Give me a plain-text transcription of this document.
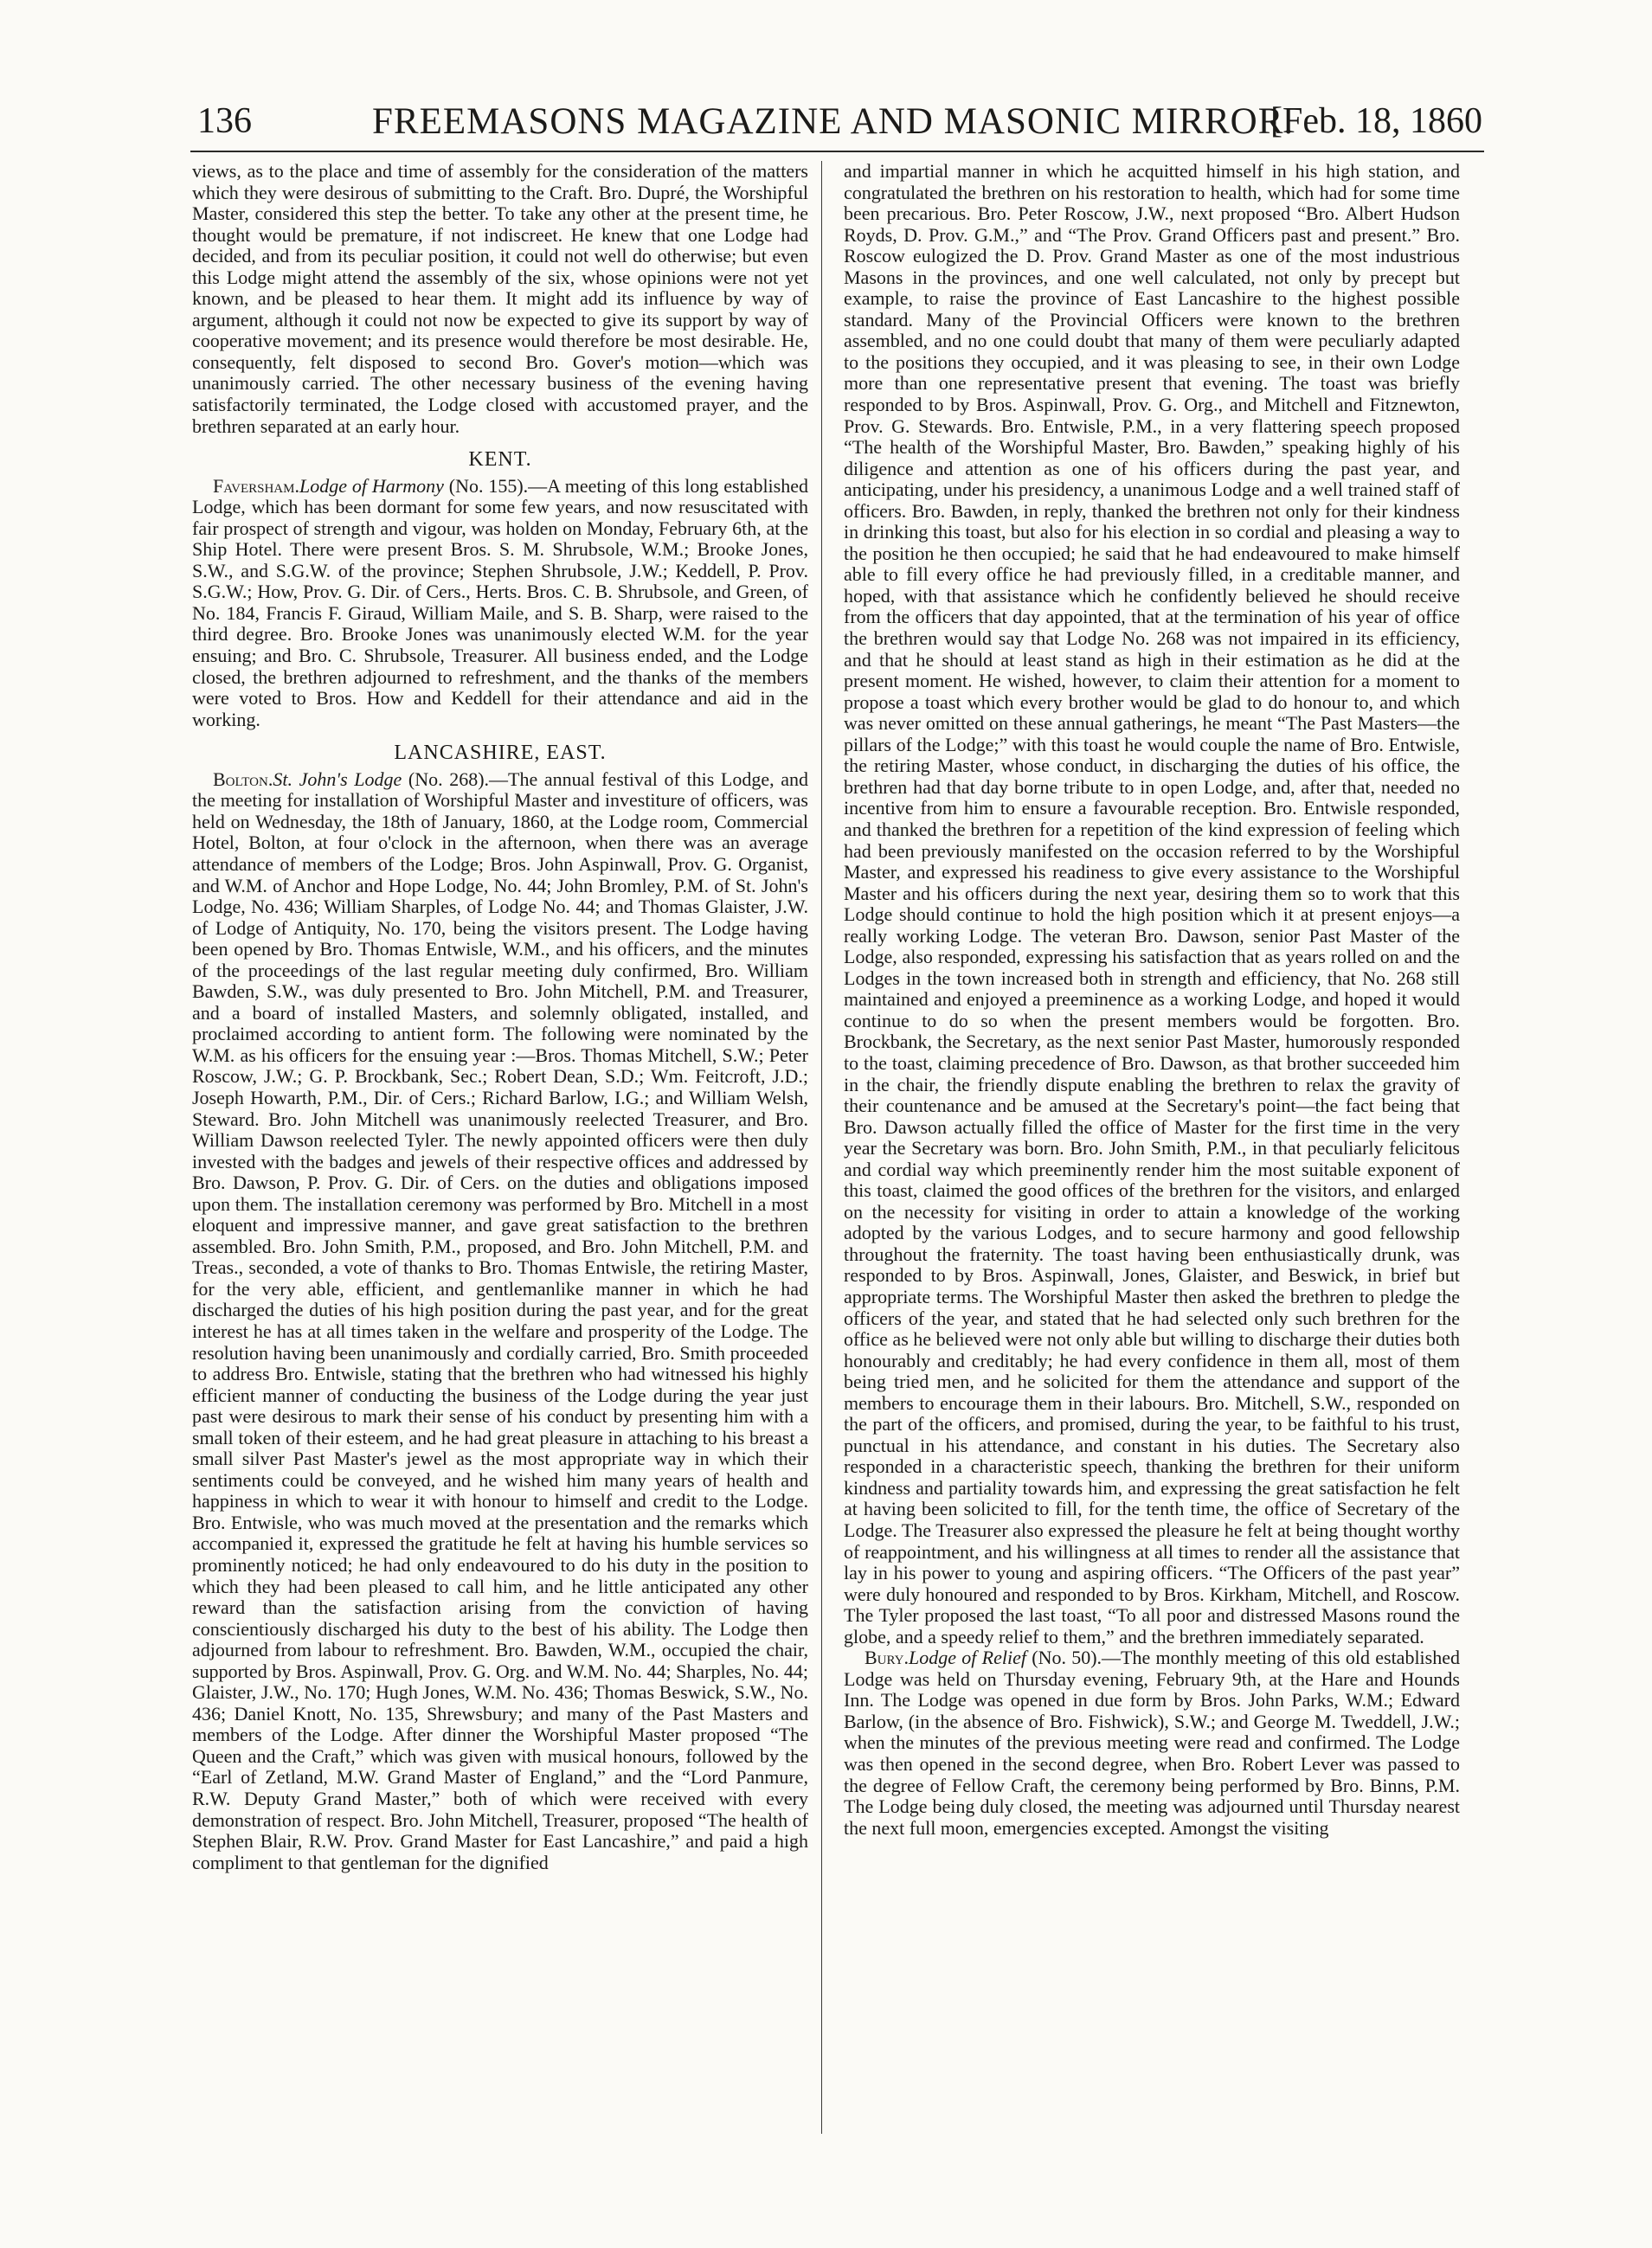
136	FREEMASONS MAGAZINE AND MASONIC MIRROR.
[Feb. 18, 1860

views, as to the place and time of assembly for the consideration of the matters which they were desirous of submitting to the Craft. Bro. Dupré, the Worshipful Master, considered this step the better. To take any other at the present time, he thought would be premature, if not indiscreet. He knew that one Lodge had decided, and from its peculiar position, it could not well do otherwise; but even this Lodge might attend the assembly of the six, whose opinions were not yet known, and be pleased to hear them. It might add its influence by way of argument, although it could not now be expected to give its support by way of cooperative movement; and its presence would therefore be most desirable. He, consequently, felt disposed to second Bro. Gover's motion—which was unanimously carried. The other necessary business of the evening having satisfactorily terminated, the Lodge closed with accustomed prayer, and the brethren separated at an early hour.

KENT.

Faversham.Lodge of Harmony (No. 155).—A meeting of this long established Lodge, which has been dormant for some few years, and now resuscitated with fair prospect of strength and vigour, was holden on Monday, February 6th, at the Ship Hotel. There were present Bros. S. M. Shrubsole, W.M.; Brooke Jones, S.W., and S.G.W. of the province; Stephen Shrubsole, J.W.; Keddell, P. Prov. S.G.W.; How, Prov. G. Dir. of Cers., Herts. Bros. C. B. Shrubsole, and Green, of No. 184, Francis F. Giraud, William Maile, and S. B. Sharp, were raised to the third degree. Bro. Brooke Jones was unanimously elected W.M. for the year ensuing; and Bro. C. Shrubsole, Treasurer. All business ended, and the Lodge closed, the brethren adjourned to refreshment, and the thanks of the members were voted to Bros. How and Keddell for their attendance and aid in the working.

LANCASHIRE, EAST.

Bolton.St. John's Lodge (No. 268).—The annual festival of this Lodge, and the meeting for installation of Worshipful Master and investiture of officers, was held on Wednesday, the 18th of January, 1860, at the Lodge room, Commercial Hotel, Bolton, at four o'clock in the afternoon, when there was an average attendance of members of the Lodge; Bros. John Aspinwall, Prov. G. Organist, and W.M. of Anchor and Hope Lodge, No. 44; John Bromley, P.M. of St. John's Lodge, No. 436; William Sharples, of Lodge No. 44; and Thomas Glaister, J.W. of Lodge of Antiquity, No. 170, being the visitors present. The Lodge having been opened by Bro. Thomas Entwisle, W.M., and his officers, and the minutes of the proceedings of the last regular meeting duly confirmed, Bro. William Bawden, S.W., was duly presented to Bro. John Mitchell, P.M. and Treasurer, and a board of installed Masters, and solemnly obligated, installed, and proclaimed according to antient form. The following were nominated by the W.M. as his officers for the ensuing year :—Bros. Thomas Mitchell, S.W.; Peter Roscow, J.W.; G. P. Brockbank, Sec.; Robert Dean, S.D.; Wm. Feitcroft, J.D.; Joseph Howarth, P.M., Dir. of Cers.; Richard Barlow, I.G.; and William Welsh, Steward. Bro. John Mitchell was unanimously reelected Treasurer, and Bro. William Dawson reelected Tyler. The newly appointed officers were then duly invested with the badges and jewels of their respective offices and addressed by Bro. Dawson, P. Prov. G. Dir. of Cers. on the duties and obligations imposed upon them. The installation ceremony was performed by Bro. Mitchell in a most eloquent and impressive manner, and gave great satisfaction to the brethren assembled. Bro. John Smith, P.M., proposed, and Bro. John Mitchell, P.M. and Treas., seconded, a vote of thanks to Bro. Thomas Entwisle, the retiring Master, for the very able, efficient, and gentlemanlike manner in which he had discharged the duties of his high position during the past year, and for the great interest he has at all times taken in the welfare and prosperity of the Lodge. The resolution having been unanimously and cordially carried, Bro. Smith proceeded to address Bro. Entwisle, stating that the brethren who had witnessed his highly efficient manner of conducting the business of the Lodge during the year just past were desirous to mark their sense of his conduct by presenting him with a small token of their esteem, and he had great pleasure in attaching to his breast a small silver Past Master's jewel as the most appropriate way in which their sentiments could be conveyed, and he wished him many years of health and happiness in which to wear it with honour to himself and credit to the Lodge. Bro. Entwisle, who was much moved at the presentation and the remarks which accompanied it, expressed the gratitude he felt at having his humble services so prominently noticed; he had only endeavoured to do his duty in the position to which they had been pleased to call him, and he little anticipated any other reward than the satisfaction arising from the conviction of having conscientiously discharged his duty to the best of his ability. The Lodge then adjourned from labour to refreshment. Bro. Bawden, W.M., occupied the chair, supported by Bros. Aspinwall, Prov. G. Org. and W.M. No. 44; Sharples, No. 44; Glaister, J.W., No. 170; Hugh Jones, W.M. No. 436; Thomas Beswick, S.W., No. 436; Daniel Knott, No. 135, Shrewsbury; and many of the Past Masters and members of the Lodge. After dinner the Worshipful Master proposed “The Queen and the Craft,” which was given with musical honours, followed by the “Earl of Zetland, M.W. Grand Master of England,” and the “Lord Panmure, R.W. Deputy Grand Master,” both of which were received with every demonstration of respect. Bro. John Mitchell, Treasurer, proposed “The health of Stephen Blair, R.W. Prov. Grand Master for East Lancashire,” and paid a high compliment to that gentleman for the dignified

and impartial manner in which he acquitted himself in his high station, and congratulated the brethren on his restoration to health, which had for some time been precarious. Bro. Peter Roscow, J.W., next proposed “Bro. Albert Hudson Royds, D. Prov. G.M.,” and “The Prov. Grand Officers past and present.” Bro. Roscow eulogized the D. Prov. Grand Master as one of the most industrious Masons in the provinces, and one well calculated, not only by precept but example, to raise the province of East Lancashire to the highest possible standard. Many of the Provincial Officers were known to the brethren assembled, and no one could doubt that many of them were peculiarly adapted to the positions they occupied, and it was pleasing to see, in their own Lodge more than one representative present that evening. The toast was briefly responded to by Bros. Aspinwall, Prov. G. Org., and Mitchell and Fitznewton, Prov. G. Stewards. Bro. Entwisle, P.M., in a very flattering speech proposed “The health of the Worshipful Master, Bro. Bawden,” speaking highly of his diligence and attention as one of his officers during the past year, and anticipating, under his presidency, a unanimous Lodge and a well trained staff of officers. Bro. Bawden, in reply, thanked the brethren not only for their kindness in drinking this toast, but also for his election in so cordial and pleasing a way to the position he then occupied; he said that he had endeavoured to make himself able to fill every office he had previously filled, in a creditable manner, and hoped, with that assistance which he confidently believed he should receive from the officers that day appointed, that at the termination of his year of office the brethren would say that Lodge No. 268 was not impaired in its efficiency, and that he should at least stand as high in their estimation as he did at the present moment. He wished, however, to claim their attention for a moment to propose a toast which every brother would be glad to do honour to, and which was never omitted on these annual gatherings, he meant “The Past Masters—the pillars of the Lodge;” with this toast he would couple the name of Bro. Entwisle, the retiring Master, whose conduct, in discharging the duties of his office, the brethren had that day borne tribute to in open Lodge, and, after that, needed no incentive from him to ensure a favourable reception. Bro. Entwisle responded, and thanked the brethren for a repetition of the kind expression of feeling which had been previously manifested on the occasion referred to by the Worshipful Master, and expressed his readiness to give every assistance to the Worshipful Master and his officers during the next year, desiring them so to work that this Lodge should continue to hold the high position which it at present enjoys—a really working Lodge. The veteran Bro. Dawson, senior Past Master of the Lodge, also responded, expressing his satisfaction that as years rolled on and the Lodges in the town increased both in strength and efficiency, that No. 268 still maintained and enjoyed a preeminence as a working Lodge, and hoped it would continue to do so when the present members would be forgotten. Bro. Brockbank, the Secretary, as the next senior Past Master, humorously responded to the toast, claiming precedence of Bro. Dawson, as that brother succeeded him in the chair, the friendly dispute enabling the brethren to relax the gravity of their countenance and be amused at the Secretary's point—the fact being that Bro. Dawson actually filled the office of Master for the first time in the very year the Secretary was born. Bro. John Smith, P.M., in that peculiarly felicitous and cordial way which preeminently render him the most suitable exponent of this toast, claimed the good offices of the brethren for the visitors, and enlarged on the necessity for visiting in order to attain a knowledge of the working adopted by the various Lodges, and to secure harmony and good fellowship throughout the fraternity. The toast having been enthusiastically drunk, was responded to by Bros. Aspinwall, Jones, Glaister, and Beswick, in brief but appropriate terms. The Worshipful Master then asked the brethren to pledge the officers of the year, and stated that he had selected only such brethren for the office as he believed were not only able but willing to discharge their duties both honourably and creditably; he had every confidence in them all, most of them being tried men, and he solicited for them the attendance and support of the members to encourage them in their labours. Bro. Mitchell, S.W., responded on the part of the officers, and promised, during the year, to be faithful to his trust, punctual in his attendance, and constant in his duties. The Secretary also responded in a characteristic speech, thanking the brethren for their uniform kindness and partiality towards him, and expressing the great satisfaction he felt at having been solicited to fill, for the tenth time, the office of Secretary of the Lodge. The Treasurer also expressed the pleasure he felt at being thought worthy of reappointment, and his willingness at all times to render all the assistance that lay in his power to young and aspiring officers. “The Officers of the past year” were duly honoured and responded to by Bros. Kirkham, Mitchell, and Roscow. The Tyler proposed the last toast, “To all poor and distressed Masons round the globe, and a speedy relief to them,” and the brethren immediately separated.

Bury.Lodge of Relief (No. 50).—The monthly meeting of this old established Lodge was held on Thursday evening, February 9th, at the Hare and Hounds Inn. The Lodge was opened in due form by Bros. John Parks, W.M.; Edward Barlow, (in the absence of Bro. Fishwick), S.W.; and George M. Tweddell, J.W.; when the minutes of the previous meeting were read and confirmed. The Lodge was then opened in the second degree, when Bro. Robert Lever was passed to the degree of Fellow Craft, the ceremony being performed by Bro. Binns, P.M. The Lodge being duly closed, the meeting was adjourned until Thursday nearest the next full moon, emergencies excepted. Amongst the visiting
